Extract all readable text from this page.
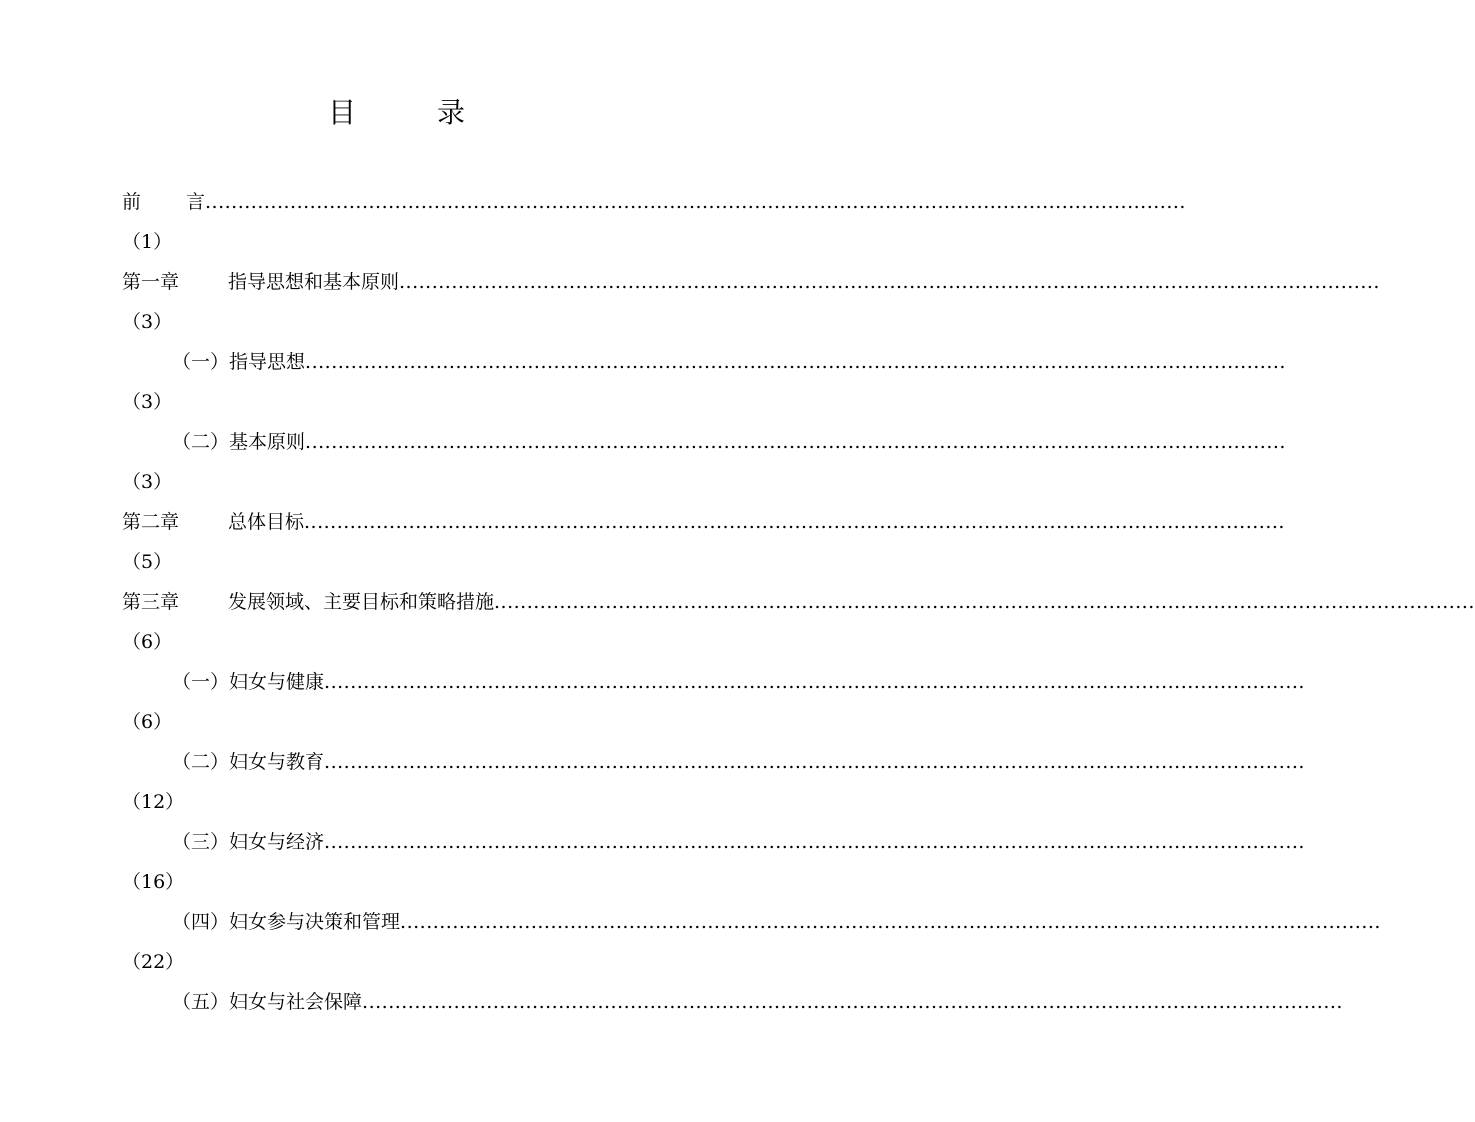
目 录
前 言......................................................................................................................................................
（1）
第一章	指导思想和基本原则......................................................................................................................................................
（3）
（一）指导思想......................................................................................................................................................
（3）
（二）基本原则......................................................................................................................................................
（3）
第二章	总体目标......................................................................................................................................................
（5）
第三章	发展领域、主要目标和策略措施......................................................................................................................................................
（6）
（一）妇女与健康......................................................................................................................................................
（6）
（二）妇女与教育......................................................................................................................................................
（12）
（三）妇女与经济......................................................................................................................................................
（16）
（四）妇女参与决策和管理......................................................................................................................................................
（22）
（五）妇女与社会保障......................................................................................................................................................
